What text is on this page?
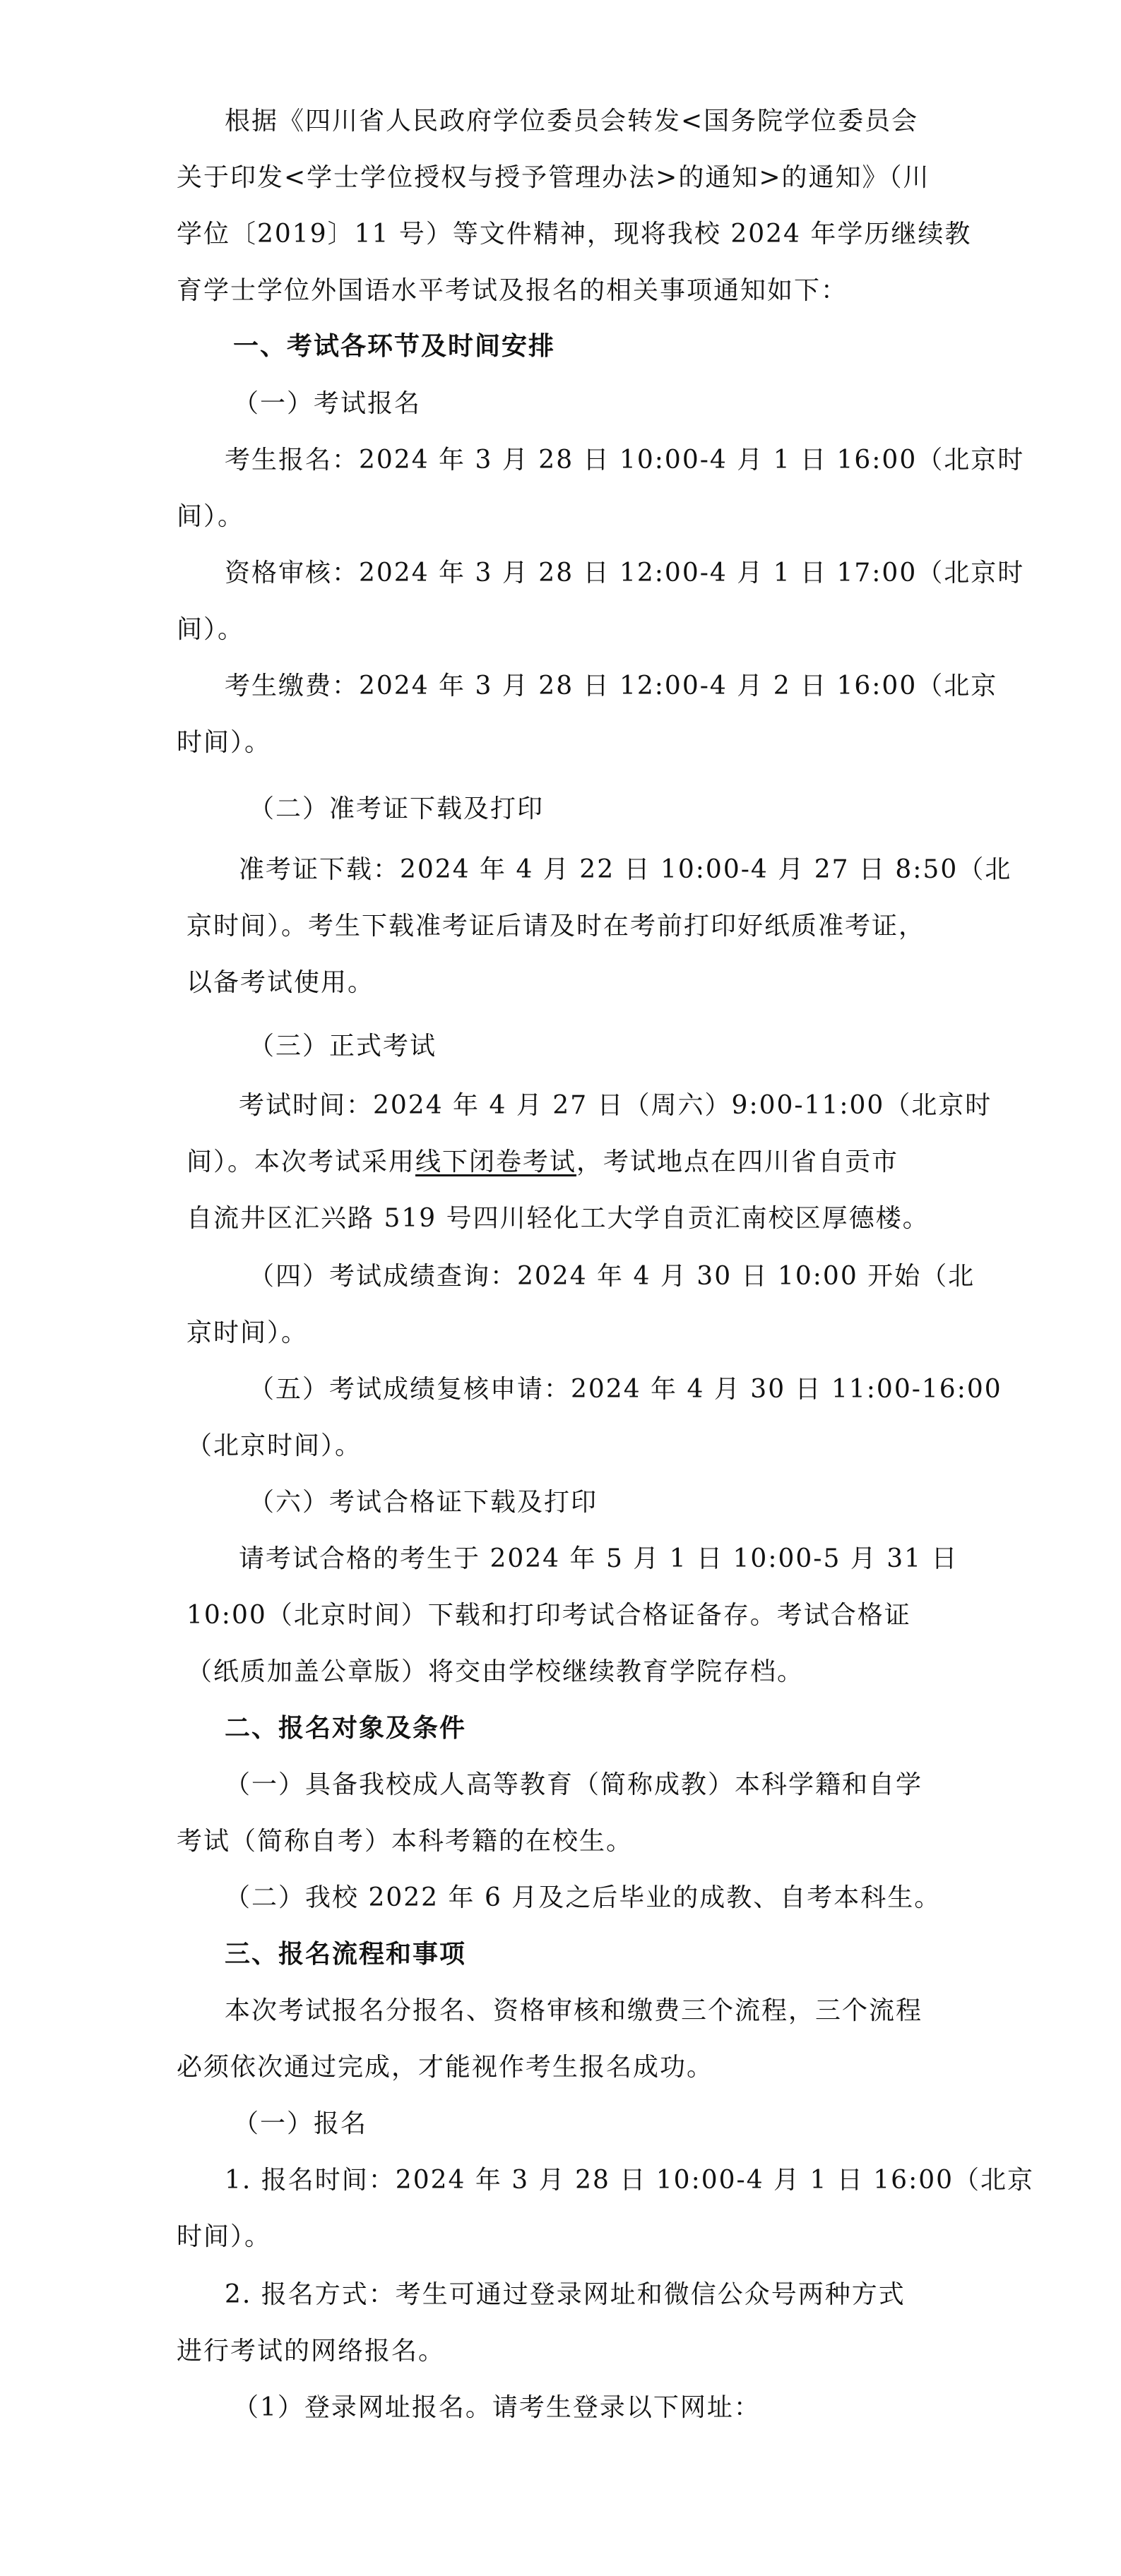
根据《四川省人民政府学位委员会转发<国务院学位委员会

关于印发<学士学位授权与授予管理办法>的通知>的通知》（川

学位〔2019〕11 号）等文件精神，现将我校 2024 年学历继续教

育学士学位外国语水平考试及报名的相关事项通知如下：

一、考试各环节及时间安排

（一）考试报名

考生报名：2024 年 3 月 28 日 10:00-4 月 1 日 16:00（北京时

间）。

资格审核：2024 年 3 月 28 日 12:00-4 月 1 日 17:00（北京时

间）。

考生缴费：2024 年 3 月 28 日 12:00-4 月 2 日 16:00（北京

时间）。

（二）准考证下载及打印

准考证下载：2024 年 4 月 22 日 10:00-4 月 27 日 8:50（北

京时间）。考生下载准考证后请及时在考前打印好纸质准考证，

以备考试使用。

（三）正式考试

考试时间：2024 年 4 月 27 日（周六）9:00-11:00（北京时

间）。本次考试采用线下闭卷考试，考试地点在四川省自贡市

自流井区汇兴路 519 号四川轻化工大学自贡汇南校区厚德楼。

（四）考试成绩查询：2024 年 4 月 30 日 10:00 开始（北

京时间）。

（五）考试成绩复核申请：2024 年 4 月 30 日 11:00-16:00

（北京时间）。

（六）考试合格证下载及打印

请考试合格的考生于 2024 年 5 月 1 日 10:00-5 月 31 日

10:00（北京时间）下载和打印考试合格证备存。考试合格证

（纸质加盖公章版）将交由学校继续教育学院存档。

二、报名对象及条件

（一）具备我校成人高等教育（简称成教）本科学籍和自学

考试（简称自考）本科考籍的在校生。

（二）我校 2022 年 6 月及之后毕业的成教、自考本科生。

三、报名流程和事项

本次考试报名分报名、资格审核和缴费三个流程，三个流程

必须依次通过完成，才能视作考生报名成功。

（一）报名

1. 报名时间：2024 年 3 月 28 日 10:00-4 月 1 日 16:00（北京

时间）。

2. 报名方式：考生可通过登录网址和微信公众号两种方式

进行考试的网络报名。

（1）登录网址报名。请考生登录以下网址：
